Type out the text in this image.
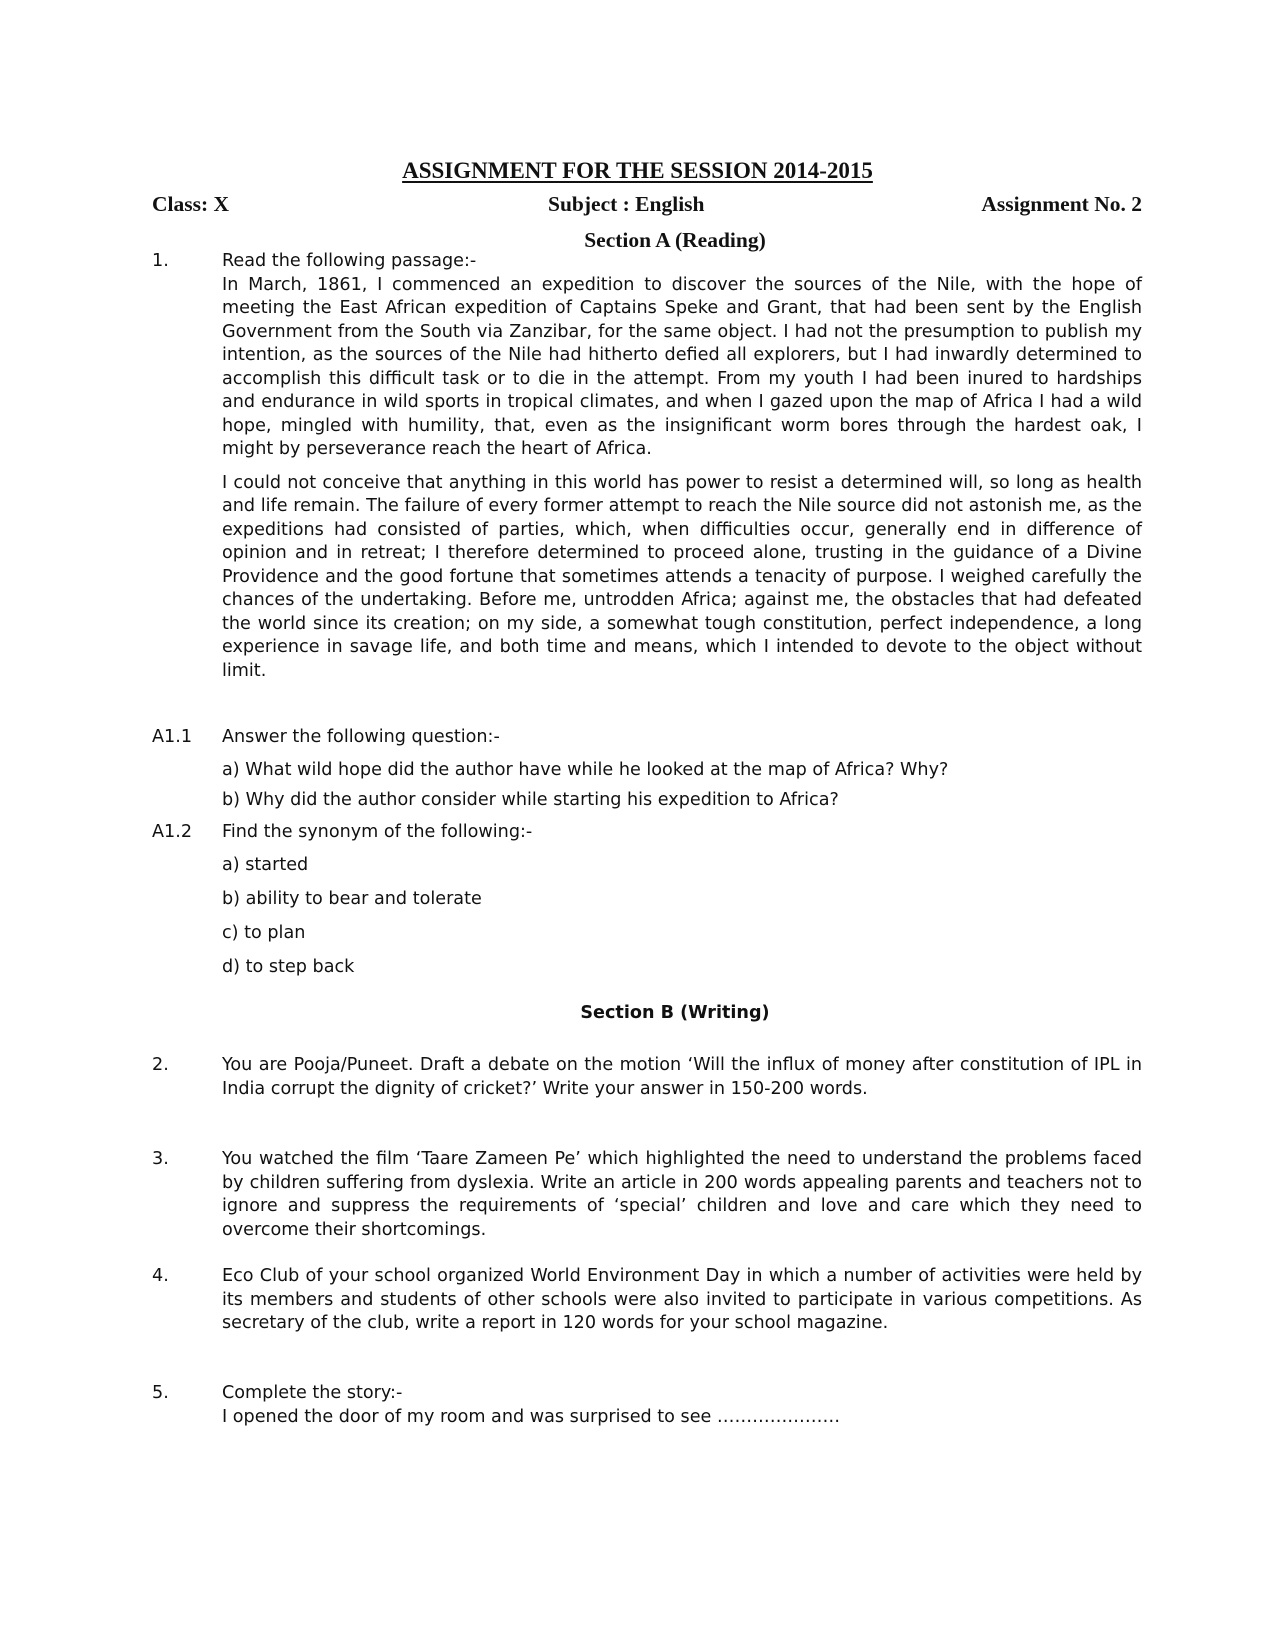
ASSIGNMENT FOR THE SESSION 2014-2015
Class: X	Subject : English	Assignment No. 2
Section A (Reading)
1.	Read the following passage:-

In March, 1861, I commenced an expedition to discover the sources of the Nile, with the hope of meeting the East African expedition of Captains Speke and Grant, that had been sent by the English Government from the South via Zanzibar, for the same object. I had not the presumption to publish my intention, as the sources of the Nile had hitherto defied all explorers, but I had inwardly determined to accomplish this difficult task or to die in the attempt. From my youth I had been inured to hardships and endurance in wild sports in tropical climates, and when I gazed upon the map of Africa I had a wild hope, mingled with humility, that, even as the insignificant worm bores through the hardest oak, I might by perseverance reach the heart of Africa.

I could not conceive that anything in this world has power to resist a determined will, so long as health and life remain. The failure of every former attempt to reach the Nile source did not astonish me, as the expeditions had consisted of parties, which, when difficulties occur, generally end in difference of opinion and in retreat; I therefore determined to proceed alone, trusting in the guidance of a Divine Providence and the good fortune that sometimes attends a tenacity of purpose. I weighed carefully the chances of the undertaking. Before me, untrodden Africa; against me, the obstacles that had defeated the world since its creation; on my side, a somewhat tough constitution, perfect independence, a long experience in savage life, and both time and means, which I intended to devote to the object without limit.

A1.1	Answer the following question:-
a) What wild hope did the author have while he looked at the map of Africa? Why?
b) Why did the author consider while starting his expedition to Africa?
A1.2	Find the synonym of the following:-
a) started
b) ability to bear and tolerate
c) to plan
d) to step back
Section B (Writing)
2.	You are Pooja/Puneet. Draft a debate on the motion ‘Will the influx of money after constitution of IPL in India corrupt the dignity of cricket?’ Write your answer in 150-200 words.
3.	You watched the film ‘Taare Zameen Pe’ which highlighted the need to understand the problems faced by children suffering from dyslexia. Write an article in 200 words appealing parents and teachers not to ignore and suppress the requirements of ‘special’ children and love and care which they need to overcome their shortcomings.
4.	Eco Club of your school organized World Environment Day in which a number of activities were held by its members and students of other schools were also invited to participate in various competitions. As secretary of the club, write a report in 120 words for your school magazine.
5.	Complete the story:-
I opened the door of my room and was surprised to see …………………
